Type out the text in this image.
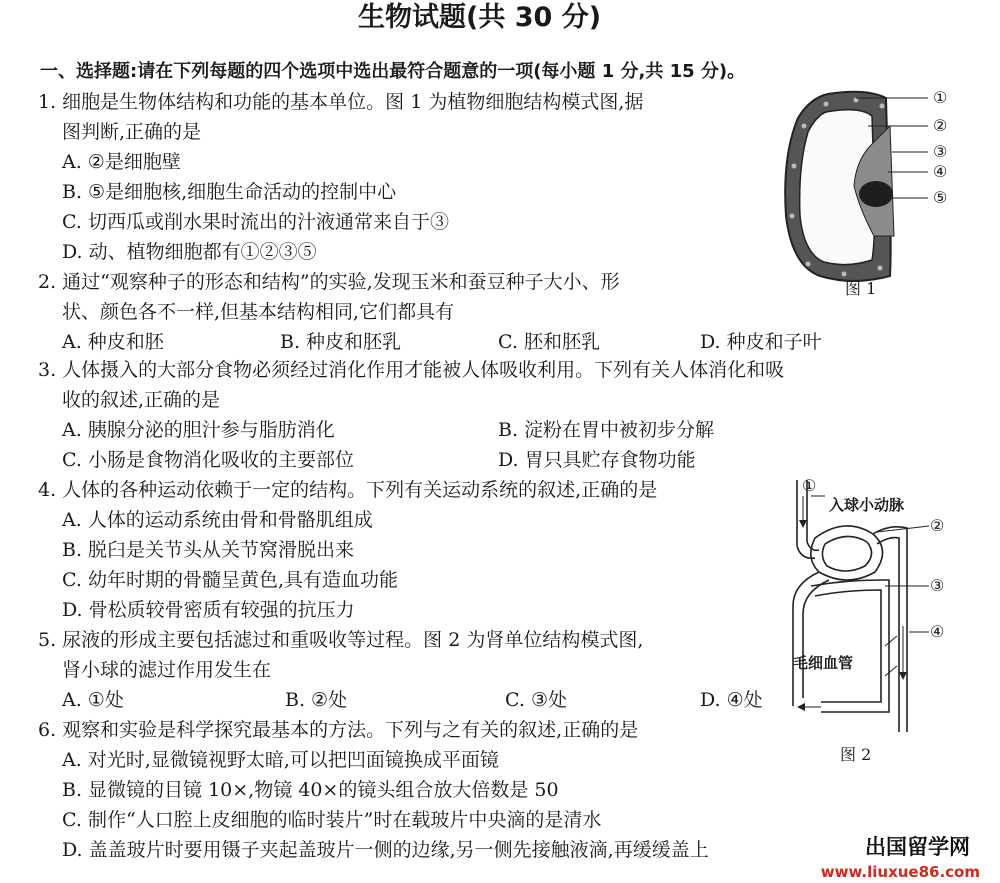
生物试题(共 30 分)
一、选择题:请在下列每题的四个选项中选出最符合题意的一项(每小题 1 分,共 15 分)。
1. 细胞是生物体结构和功能的基本单位。图 1 为植物细胞结构模式图,据
图判断,正确的是
A. ②是细胞壁
B. ⑤是细胞核,细胞生命活动的控制中心
C. 切西瓜或削水果时流出的汁液通常来自于③
D. 动、植物细胞都有①②③⑤
2. 通过“观察种子的形态和结构”的实验,发现玉米和蚕豆种子大小、形
状、颜色各不一样,但基本结构相同,它们都具有
A. 种皮和胚	B. 种皮和胚乳	C. 胚和胚乳	D. 种皮和子叶
3. 人体摄入的大部分食物必须经过消化作用才能被人体吸收利用。下列有关人体消化和吸
收的叙述,正确的是
A. 胰腺分泌的胆汁参与脂肪消化	B. 淀粉在胃中被初步分解
C. 小肠是食物消化吸收的主要部位	D. 胃只具贮存食物功能
4. 人体的各种运动依赖于一定的结构。下列有关运动系统的叙述,正确的是
A. 人体的运动系统由骨和骨骼肌组成
B. 脱臼是关节头从关节窝滑脱出来
C. 幼年时期的骨髓呈黄色,具有造血功能
D. 骨松质较骨密质有较强的抗压力
5. 尿液的形成主要包括滤过和重吸收等过程。图 2 为肾单位结构模式图,
肾小球的滤过作用发生在
A. ①处	B. ②处	C. ③处	D. ④处
6. 观察和实验是科学探究最基本的方法。下列与之有关的叙述,正确的是
A. 对光时,显微镜视野太暗,可以把凹面镜换成平面镜
B. 显微镜的目镜 10×,物镜 40×的镜头组合放大倍数是 50
C. 制作“人口腔上皮细胞的临时装片”时在载玻片中央滴的是清水
D. 盖盖玻片时要用镊子夹起盖玻片一侧的边缘,另一侧先接触液滴,再缓缓盖上
①
②
③
④
⑤
图 1
①
②
③
④
入球小动脉
毛细血管
图 2
出国留学网
www.liuxue86.com
